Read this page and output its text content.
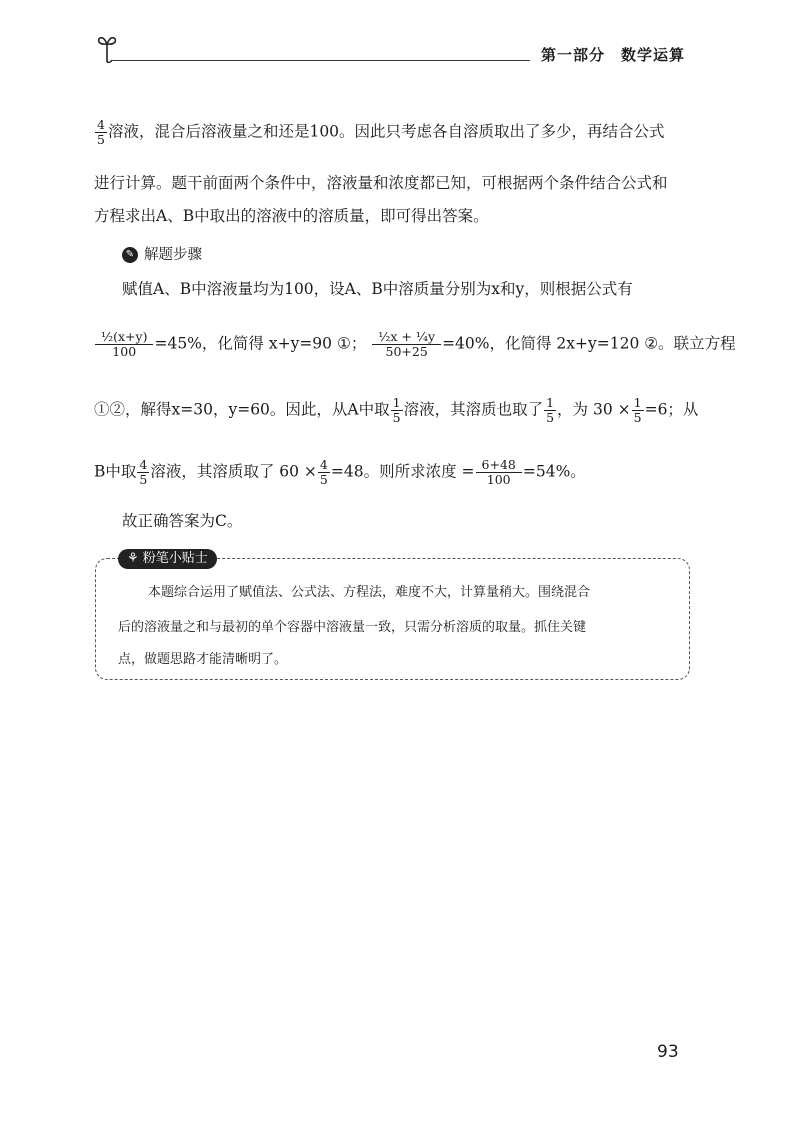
第一部分　数学运算
$\frac{4}{5}$ 溶液，混合后溶液量之和还是100。因此只考虑各自溶质取出了多少，再结合公式
进行计算。题干前面两个条件中，溶液量和浓度都已知，可根据两个条件结合公式和
方程求出A、B中取出的溶液中的溶质量，即可得出答案。
✎ 解题步骤
赋值A、B中溶液量均为100，设A、B中溶质量分别为x和y，则根据公式有
$\frac{\text{½(x+y)}}{100} =45\%$，化简得 x+y=90 ①； $\frac{\text{½x + ¼y}}{50+25} =40\%$，化简得 2x+y=120 ②。联立方程
①②，解得x=30，y=60。因此，从A中取 $\frac{1}{5}$ 溶液，其溶质也取了 $\frac{1}{5}$ ，为 $30 \times \frac{1}{5} =6$；从
B中取 $\frac{4}{5}$ 溶液，其溶质取了 $60 \times \frac{4}{5} =48$。则所求浓度 = $\frac{6+48}{100} =54\%$。
故正确答案为C。
⚘ 粉笔小贴士
本题综合运用了赋值法、公式法、方程法，难度不大，计算量稍大。围绕混合
后的溶液量之和与最初的单个容器中溶液量一致，只需分析溶质的取量。抓住关键
点，做题思路才能清晰明了。
93
